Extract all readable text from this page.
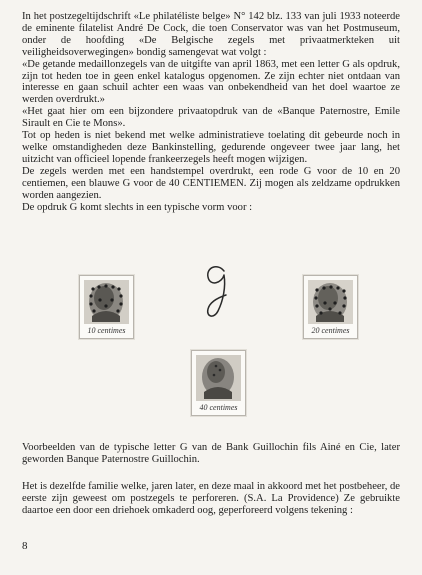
In het postzegeltijdschrift «Le philatéliste belge» N° 142 blz. 133 van juli 1933 noteerde de eminente filatelist André De Cock, die toen Conservator was van het Postmuseum, onder de hoofding «De Belgische zegels met privaatmerkteken uit veiligheidsoverwegingen» bondig samengevat wat volgt :

«De getande medaillonzegels van de uitgifte van april 1863, met een letter G als opdruk, zijn tot heden toe in geen enkel katalogus opgenomen. Ze zijn echter niet ontdaan van interesse en gaan schuil achter een waas van onbekendheid van het doel waartoe ze werden overdrukt.»

«Het gaat hier om een bijzondere privaatopdruk van de «Banque Paternostre, Emile Sirault en Cie te Mons».

Tot op heden is niet bekend met welke administratieve toelating dit gebeurde noch in welke omstandigheden deze Bankinstelling, gedurende ongeveer twee jaar lang, het uitzicht van officieel lopende frankeerzegels heeft mogen wijzigen.

De zegels werden met een handstempel overdrukt, een rode G voor de 10 en 20 centiemen, een blauwe G voor de 40 CENTIEMEN. Zij mogen als zeldzame opdrukken worden aangezien.

De opdruk G komt slechts in een typische vorm voor :

10 centimes	20 centimes
40 centimes

Voorbeelden van de typische letter G van de Bank Guillochin fils Ainé en Cie, later geworden Banque Paternostre Guillochin.

Het is dezelfde familie welke, jaren later, en deze maal in akkoord met het postbeheer, de eerste zijn geweest om postzegels te perforeren. (S.A. La Providence) Ze gebruikte daartoe een door een driehoek omkaderd oog, geperforeerd volgens tekening :

8
